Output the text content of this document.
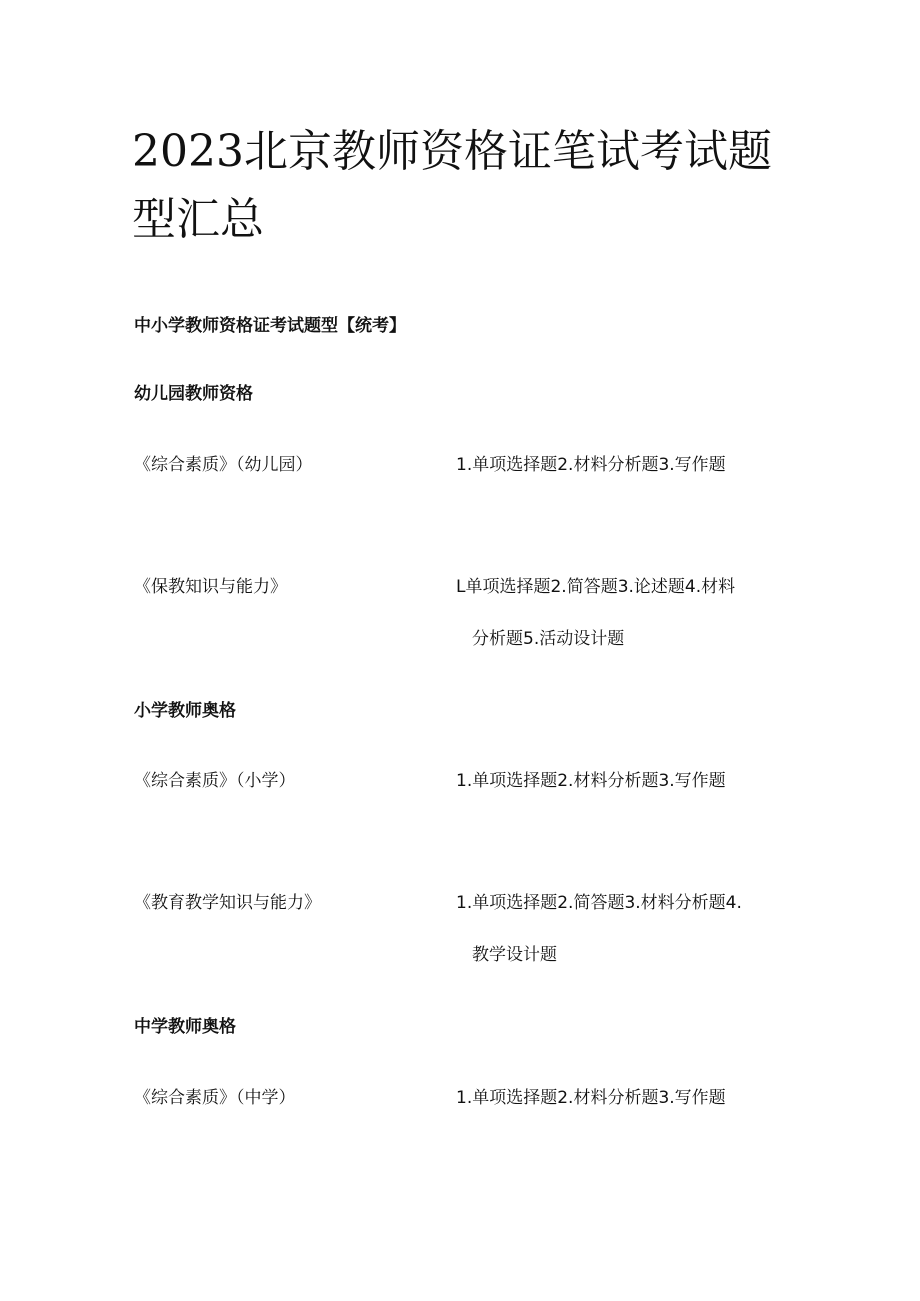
2023北京教师资格证笔试考试题型汇总
中小学教师资格证考试题型【统考】
幼儿园教师资格
《综合素质》（幼儿园）	1.单项选择题2.材料分析题3.写作题
《保教知识与能力》	L单项选择题2.简答题3.论述题4.材料分析题5.活动设计题
小学教师奥格
《综合素质》（小学）	1.单项选择题2.材料分析题3.写作题
《教育教学知识与能力》	1.单项选择题2.简答题3.材料分析题4.教学设计题
中学教师奥格
《综合素质》（中学）	1.单项选择题2.材料分析题3.写作题
